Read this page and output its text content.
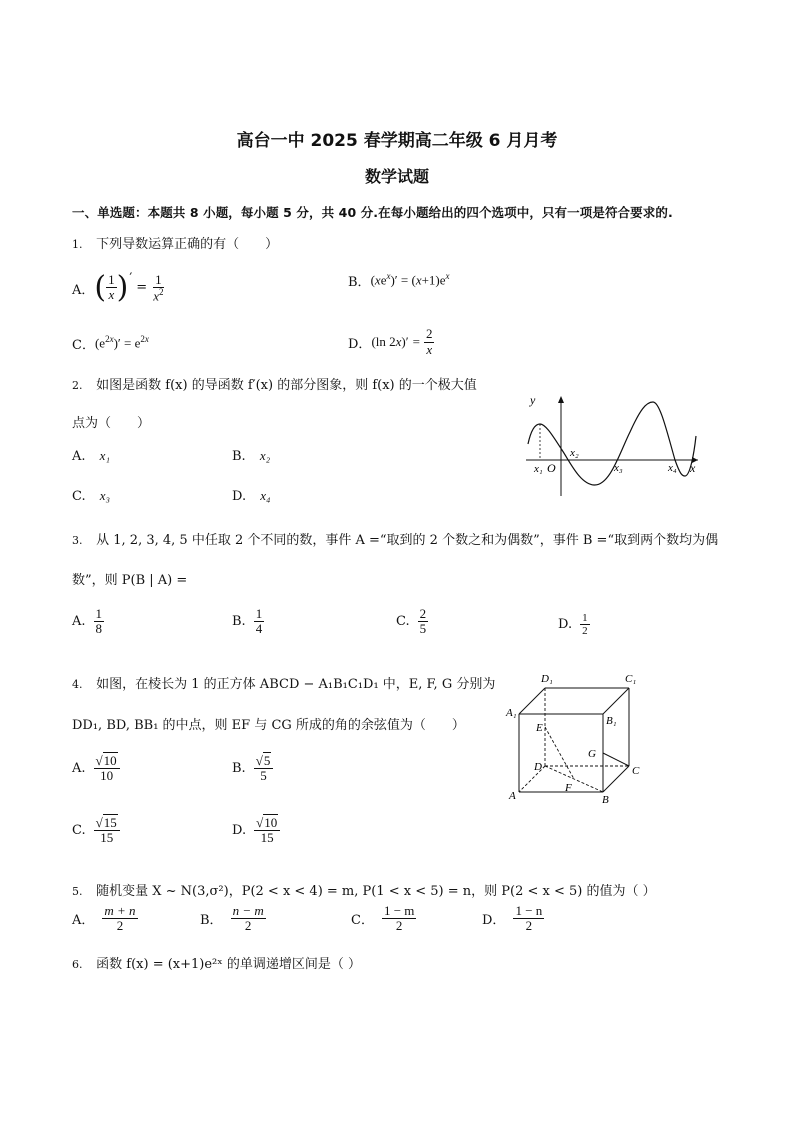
高台一中 2025 春学期高二年级 6 月月考
数学试题
一、单选题：本题共 8 小题，每小题 5 分，共 40 分.在每小题给出的四个选项中，只有一项是符合要求的.
1. 下列导数运算正确的有（　　）
A． ( $\frac{1}{x}$ ) ′
= $\frac{1}{x^2}$	B． $(xe^x)' = (x+1)e^x$
C． $(e^{2x})' = e^{2x}$	D． (ln 2 x )′ = $\frac{2}{x}$
2. 如图是函数 f(x) 的导函数 f′(x) 的部分图象，则 f(x) 的一个极大值
点为（　　）
A. x₁	B. x₂
C. x₃	D. x₄
y
x
x₁ O
x₂
x₃	x₄
3. 从 1, 2, 3, 4, 5 中任取 2 个不同的数，事件 A =“取到的 2 个数之和为偶数”，事件 B =“取到两个数均为偶
数”，则 P(B | A) =
A. $\frac{1}{8}$	B. $\frac{1}{4}$	C. $\frac{2}{5}$	D. $\frac{1}{2}$
4. 如图，在棱长为 1 的正方体 ABCD − A₁B₁C₁D₁ 中，E, F, G 分别为
DD₁, BD, BB₁ 的中点，则 EF 与 CG 所成的角的余弦值为（　　）
A. $\frac{√10}{10}$	B. $\frac{√5}{5}$
C. $\frac{√15}{15}$	D. $\frac{√10}{15}$
D₁	C₁
A₁
B₁
E
G
D	C
A
F
B
5. 随机变量 X ~ N(3,σ²)，P(2 < x < 4) = m, P(1 < x < 5) = n，则 P(2 < x < 5) 的值为（ ）
A． $\frac{m + n}{2}$	B． $\frac{n - m}{2}$	C． $\frac{1 - m}{2}$	D． $\frac{1 - n}{2}$
6. 函数 f(x) = (x+1)e²ˣ 的单调递增区间是（ ）
